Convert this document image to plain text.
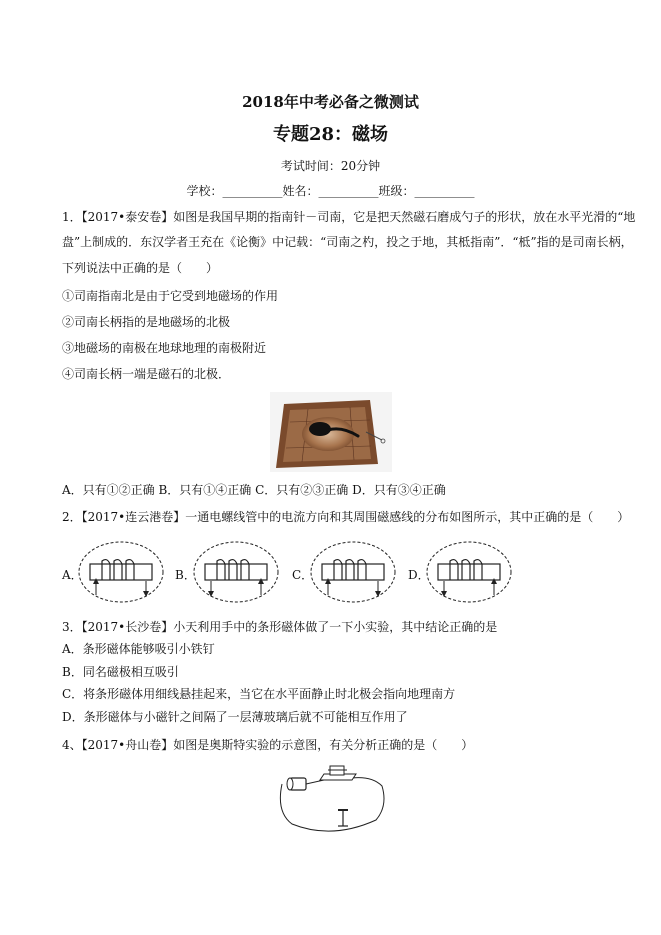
2018年中考必备之微测试
专题28：磁场
考试时间：20分钟
学校：__________姓名：__________班级：__________
1．【2017•泰安卷】如图是我国早期的指南针－司南，它是把天然磁石磨成勺子的形状，放在水平光滑的“地
盘”上制成的．东汉学者王充在《论衡》中记载：“司南之杓，投之于地，其柢指南”．“柢”指的是司南长柄，
下列说法中正确的是（　　）
①司南指南北是由于它受到地磁场的作用
②司南长柄指的是地磁场的北极
③地磁场的南极在地球地理的南极附近
④司南长柄一端是磁石的北极．
A．只有①②正确 B．只有①④正确 C．只有②③正确 D．只有③④正确
2．【2017•连云港卷】一通电螺线管中的电流方向和其周围磁感线的分布如图所示，其中正确的是（　　）
A．	B．	C．	D．
3．【2017•长沙卷】小天利用手中的条形磁体做了一下小实验，其中结论正确的是
A．条形磁体能够吸引小铁钉
B．同名磁极相互吸引
C．将条形磁体用细线悬挂起来，当它在水平面静止时北极会指向地理南方
D．条形磁体与小磁针之间隔了一层薄玻璃后就不可能相互作用了
4、【2017•舟山卷】如图是奥斯特实验的示意图，有关分析正确的是（　　）
